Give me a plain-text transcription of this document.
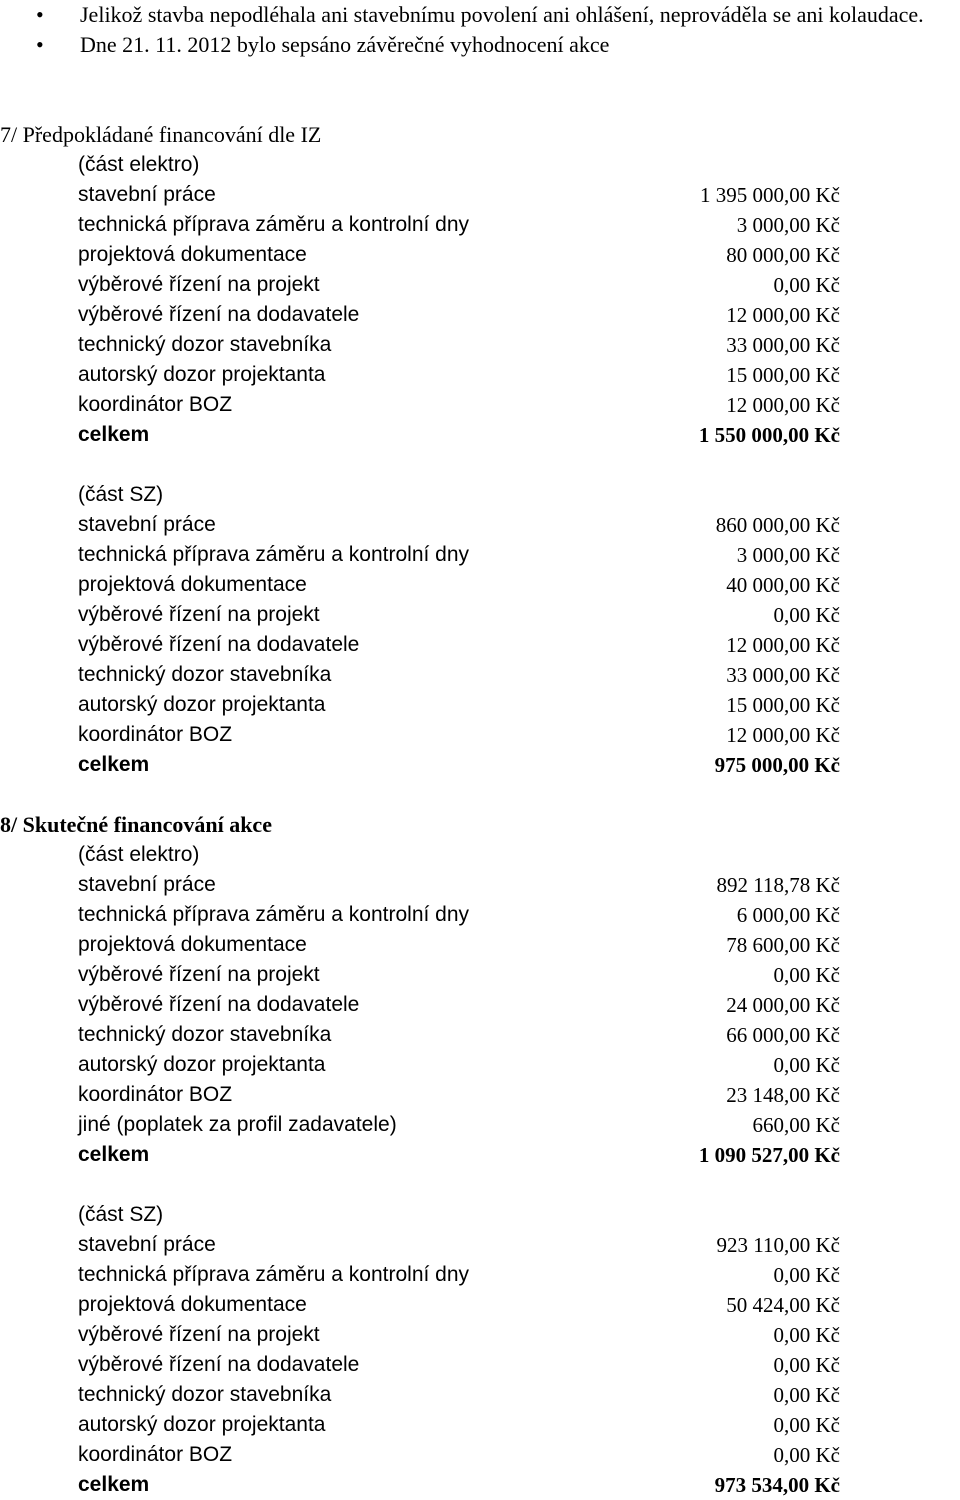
• Jelikož stavba nepodléhala ani stavebnímu povolení ani ohlášení, neprováděla se ani kolaudace.
• Dne 21. 11. 2012 bylo sepsáno závěrečné vyhodnocení akce
7/ Předpokládané financování dle IZ
(část elektro)
stavební práce	1 395 000,00 Kč
technická příprava záměru a kontrolní dny	3 000,00 Kč
projektová dokumentace	80 000,00 Kč
výběrové řízení na projekt	0,00 Kč
výběrové řízení na dodavatele	12 000,00 Kč
technický dozor stavebníka	33 000,00 Kč
autorský dozor projektanta	15 000,00 Kč
koordinátor BOZ	12 000,00 Kč
celkem	1 550 000,00 Kč
(část SZ)
stavební práce	860 000,00 Kč
technická příprava záměru a kontrolní dny	3 000,00 Kč
projektová dokumentace	40 000,00 Kč
výběrové řízení na projekt	0,00 Kč
výběrové řízení na dodavatele	12 000,00 Kč
technický dozor stavebníka	33 000,00 Kč
autorský dozor projektanta	15 000,00 Kč
koordinátor BOZ	12 000,00 Kč
celkem	975 000,00 Kč
8/ Skutečné financování akce
(část elektro)
stavební práce	892 118,78 Kč
technická příprava záměru a kontrolní dny	6 000,00 Kč
projektová dokumentace	78 600,00 Kč
výběrové řízení na projekt	0,00 Kč
výběrové řízení na dodavatele	24 000,00 Kč
technický dozor stavebníka	66 000,00 Kč
autorský dozor projektanta	0,00 Kč
koordinátor BOZ	23 148,00 Kč
jiné (poplatek za profil zadavatele)	660,00 Kč
celkem	1 090 527,00 Kč
(část SZ)
stavební práce	923 110,00 Kč
technická příprava záměru a kontrolní dny	0,00 Kč
projektová dokumentace	50 424,00 Kč
výběrové řízení na projekt	0,00 Kč
výběrové řízení na dodavatele	0,00 Kč
technický dozor stavebníka	0,00 Kč
autorský dozor projektanta	0,00 Kč
koordinátor BOZ	0,00 Kč
celkem	973 534,00 Kč
